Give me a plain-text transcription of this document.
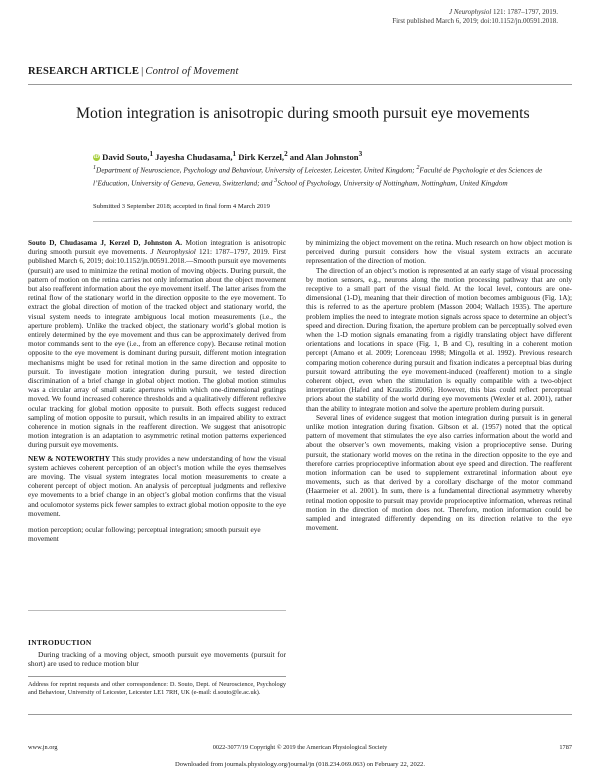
J Neurophysiol 121: 1787–1797, 2019.
First published March 6, 2019; doi:10.1152/jn.00591.2018.
RESEARCH ARTICLE | Control of Movement
Motion integration is anisotropic during smooth pursuit eye movements
iD David Souto,$^1$ Jayesha Chudasama,$^1$ Dirk Kerzel,$^2$ and Alan Johnston$^3$
$^1$Department of Neuroscience, Psychology and Behaviour, University of Leicester, Leicester, United Kingdom; $^2$Faculté de Psychologie et des Sciences de l’Education, University of Geneva, Geneva, Switzerland; and $^3$School of Psychology, University of Nottingham, Nottingham, United Kingdom
Submitted 3 September 2018; accepted in final form 4 March 2019

Souto D, Chudasama J, Kerzel D, Johnston A. Motion integration is anisotropic during smooth pursuit eye movements. J Neurophysiol 121: 1787–1797, 2019. First published March 6, 2019; doi:10.1152/jn.00591.2018.—Smooth pursuit eye movements (pursuit) are used to minimize the retinal motion of moving objects. During pursuit, the pattern of motion on the retina carries not only information about the object movement but also reafferent information about the eye movement itself. The latter arises from the retinal flow of the stationary world in the direction opposite to the eye movement. To extract the global direction of motion of the tracked object and stationary world, the visual system needs to integrate ambiguous local motion measurements (i.e., the aperture problem). Unlike the tracked object, the stationary world’s global motion is entirely determined by the eye movement and thus can be approximately derived from motor commands sent to the eye (i.e., from an efference copy). Because retinal motion opposite to the eye movement is dominant during pursuit, different motion integration mechanisms might be used for retinal motion in the same direction and opposite to pursuit. To investigate motion integration during pursuit, we tested direction discrimination of a brief change in global object motion. The global motion stimulus was a circular array of small static apertures within which one-dimensional gratings moved. We found increased coherence thresholds and a qualitatively different reflexive ocular tracking for global motion opposite to pursuit. Both effects suggest reduced sampling of motion opposite to pursuit, which results in an impaired ability to extract coherence in motion signals in the reafferent direction. We suggest that anisotropic motion integration is an adaptation to asymmetric retinal motion patterns experienced during pursuit eye movements.

NEW & NOTEWORTHY This study provides a new understanding of how the visual system achieves coherent perception of an object’s motion while the eyes themselves are moving. The visual system integrates local motion measurements to create a coherent percept of object motion. An analysis of perceptual judgments and reflexive eye movements to a brief change in an object’s global motion confirms that the visual and oculomotor systems pick fewer samples to extract global motion opposite to the eye movement.

motion perception; ocular following; perceptual integration; smooth pursuit eye movement

INTRODUCTION
During tracking of a moving object, smooth pursuit eye movements (pursuit for short) are used to reduce motion blur
Address for reprint requests and other correspondence: D. Souto, Dept. of Neuroscience, Psychology and Behaviour, University of Leicester, Leicester LE1 7RH, UK (e-mail: d.souto@le.ac.uk).

by minimizing the object movement on the retina. Much research on how object motion is perceived during pursuit considers how the visual system extracts an accurate representation of the direction of motion.

The direction of an object’s motion is represented at an early stage of visual processing by motion sensors, e.g., neurons along the motion processing pathway that are only receptive to a small part of the visual field. At the local level, contours are one-dimensional (1-D), meaning that their direction of motion becomes ambiguous (Fig. 1A); this is referred to as the aperture problem (Masson 2004; Wallach 1935). The aperture problem implies the need to integrate motion signals across space to determine an object’s speed and direction. During fixation, the aperture problem can be perceptually solved even when the 1-D motion signals emanating from a rigidly translating object have different orientations and locations in space (Fig. 1, B and C), resulting in a coherent motion percept (Amano et al. 2009; Lorenceau 1998; Mingolla et al. 1992). Previous research comparing motion coherence during pursuit and fixation indicates a perceptual bias during pursuit toward attributing the eye movement-induced (reafferent) motion to a single coherent object, even when the stimulation is equally compatible with a two-object interpretation (Hafed and Krauzlis 2006). However, this bias could reflect perceptual priors about the stability of the world during eye movements (Wexler et al. 2001), rather than the ability to integrate motion and solve the aperture problem during pursuit.

Several lines of evidence suggest that motion integration during pursuit is in general unlike motion integration during fixation. Gibson et al. (1957) noted that the optical pattern of movement that stimulates the eye also carries information about the world and about the observer’s own movements, making vision a proprioceptive sense. During pursuit, the stationary world moves on the retina in the direction opposite to the eye and therefore carries proprioceptive information about eye speed and direction. The reafferent motion information can be used to supplement extraretinal information about eye movements, such as that derived by a corollary discharge of the motor command (Haarmeier et al. 2001). In sum, there is a fundamental directional asymmetry whereby retinal motion opposite to pursuit may provide proprioceptive information, whereas retinal motion in the direction of motion does not. Therefore, motion information could be sampled and integrated differently depending on its direction relative to the eye movement.

0022-3077/19 Copyright © 2019 the American Physiological Society
www.jn.org	1787
Downloaded from journals.physiology.org/journal/jn (018.234.069.063) on February 22, 2022.
